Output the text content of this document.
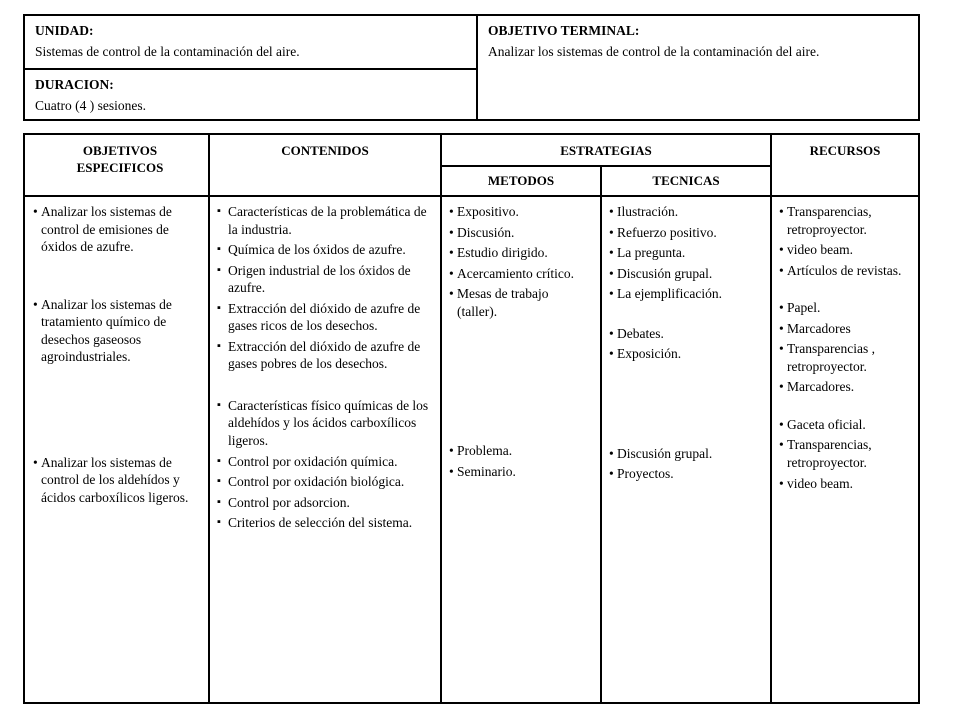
UNIDAD:
Sistemas de control de la contaminación del aire.
DURACION:
Cuatro (4 ) sesiones.
OBJETIVO TERMINAL:
Analizar los sistemas de control de la contaminación del aire.
OBJETIVOS ESPECIFICOS
CONTENIDOS	ESTRATEGIAS
METODOS	TECNICAS
RECURSOS
• Analizar los sistemas de control de emisiones de óxidos de azufre.
• Analizar los sistemas de tratamiento químico de desechos gaseosos agroindustriales.
• Analizar los sistemas de control de los aldehídos y ácidos carboxílicos ligeros.
▪ Características de la problemática de la industria.
▪ Química de los óxidos de azufre.
▪ Origen industrial de los óxidos de azufre.
▪ Extracción del dióxido de azufre de gases ricos de los desechos.
▪ Extracción del dióxido de azufre de gases pobres de los desechos.
▪ Características físico químicas de los aldehídos y los ácidos carboxílicos ligeros.
▪ Control por oxidación química.
▪ Control por oxidación biológica.
▪ Control por adsorcion.
▪ Criterios de selección del sistema.
• Expositivo.
• Discusión.
• Estudio dirigido.
• Acercamiento crítico.
• Mesas de trabajo (taller).
• Problema.
• Seminario.
• Ilustración.
• Refuerzo positivo.
• La pregunta.
• Discusión grupal.
• La ejemplificación.
• Debates.
• Exposición.
• Discusión grupal.
• Proyectos.
• Transparencias, retroproyector.
• video beam.
• Artículos de revistas.
• Papel.
• Marcadores
• Transparencias , retroproyector.
• Marcadores.
• Gaceta oficial.
• Transparencias, retroproyector.
• video beam.
